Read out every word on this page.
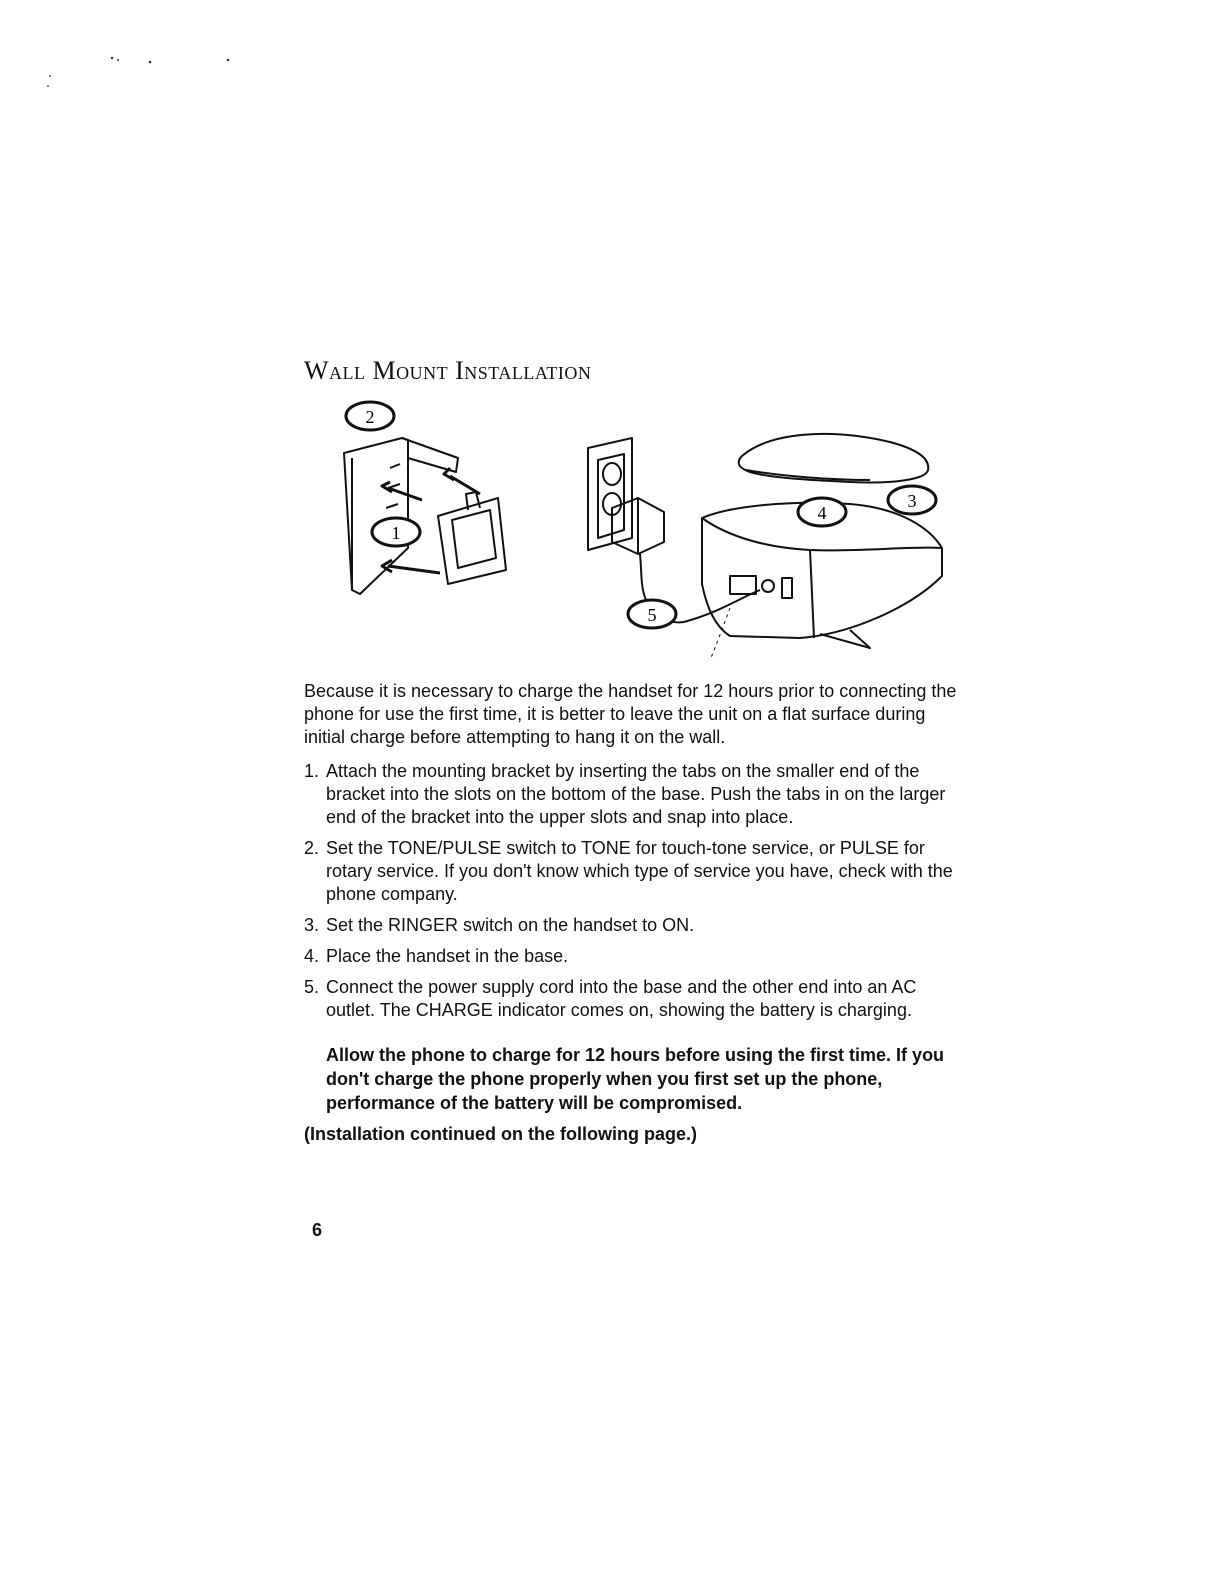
Wall Mount Installation
2
1
3
4
5

Because it is necessary to charge the handset for 12 hours prior to connecting the phone for use the first time, it is better to leave the unit on a flat surface during initial charge before attempting to hang it on the wall.

1. Attach the mounting bracket by inserting the tabs on the smaller end of the bracket into the slots on the bottom of the base. Push the tabs in on the larger end of the bracket into the upper slots and snap into place.
2. Set the TONE/PULSE switch to TONE for touch-tone service, or PULSE for rotary service. If you don't know which type of service you have, check with the phone company.
3. Set the RINGER switch on the handset to ON.
4. Place the handset in the base.
5. Connect the power supply cord into the base and the other end into an AC outlet. The CHARGE indicator comes on, showing the battery is charging.

Allow the phone to charge for 12 hours before using the first time. If you don't charge the phone properly when you first set up the phone, performance of the battery will be compromised.

(Installation continued on the following page.)

6
